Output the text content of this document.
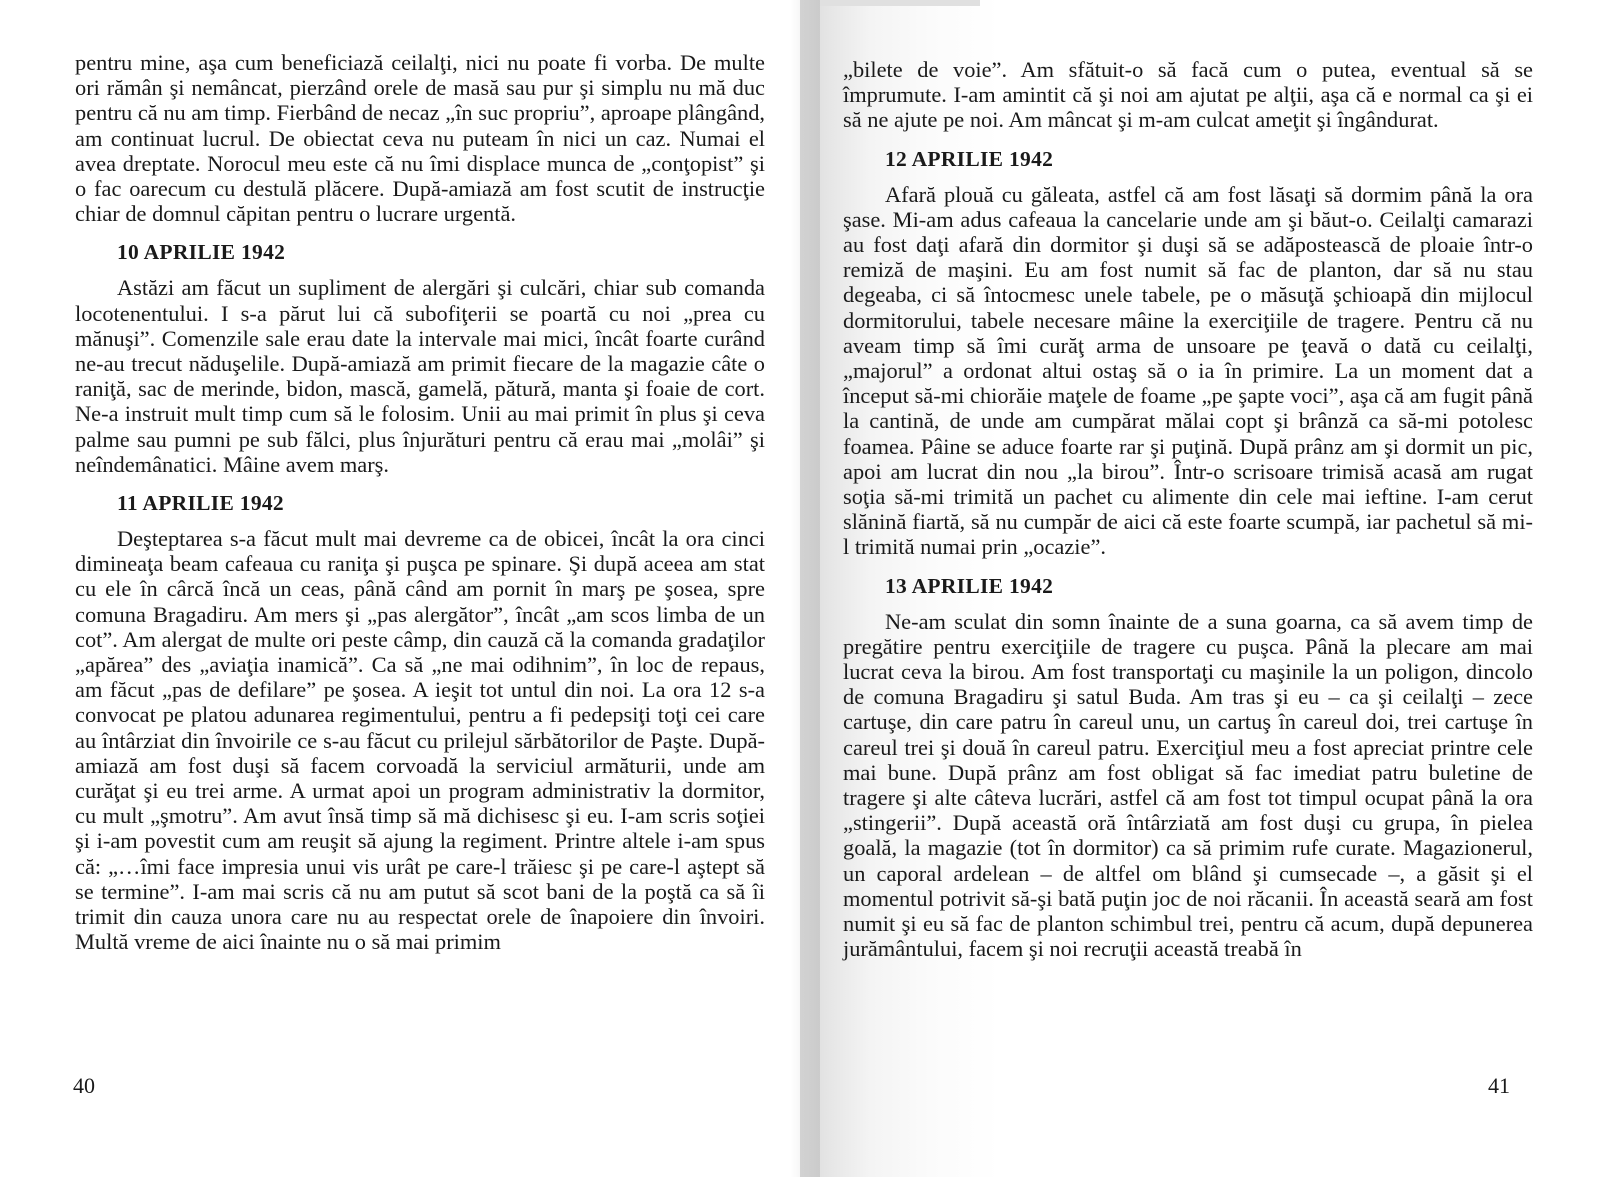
pentru mine, aşa cum beneficiază ceilalţi, nici nu poate fi vorba. De multe ori rămân şi nemâncat, pierzând orele de masă sau pur şi simplu nu mă duc pentru că nu am timp. Fierbând de necaz „în suc propriu”, aproape plângând, am continuat lucrul. De obiectat ceva nu puteam în nici un caz. Numai el avea dreptate. Norocul meu este că nu îmi displace munca de „conţopist” şi o fac oarecum cu destulă plăcere. După-amiază am fost scutit de instrucţie chiar de domnul căpitan pentru o lucrare urgentă.

10 APRILIE 1942

Astăzi am făcut un supliment de alergări şi culcări, chiar sub comanda locotenentului. I s-a părut lui că subofiţerii se poartă cu noi „prea cu mănuşi”. Comenzile sale erau date la intervale mai mici, încât foarte curând ne-au trecut năduşelile. După-amiază am primit fiecare de la magazie câte o raniţă, sac de merinde, bidon, mască, gamelă, pătură, manta şi foaie de cort. Ne-a instruit mult timp cum să le folosim. Unii au mai primit în plus şi ceva palme sau pumni pe sub fălci, plus înjurături pentru că erau mai „molâi” şi neîndemânatici. Mâine avem marş.

11 APRILIE 1942

Deşteptarea s-a făcut mult mai devreme ca de obicei, încât la ora cinci dimineaţa beam cafeaua cu raniţa şi puşca pe spinare. Şi după aceea am stat cu ele în cârcă încă un ceas, până când am pornit în marş pe şosea, spre comuna Bragadiru. Am mers şi „pas alergător”, încât „am scos limba de un cot”. Am alergat de multe ori peste câmp, din cauză că la comanda gradaţilor „apărea” des „aviaţia inamică”. Ca să „ne mai odihnim”, în loc de repaus, am făcut „pas de defilare” pe şosea. A ieşit tot untul din noi. La ora 12 s-a convocat pe platou adunarea regimentului, pentru a fi pedepsiţi toţi cei care au întârziat din învoirile ce s-au făcut cu prilejul sărbătorilor de Paşte. După-amiază am fost duşi să facem corvoadă la serviciul armăturii, unde am curăţat şi eu trei arme. A urmat apoi un program administrativ la dormitor, cu mult „şmotru”. Am avut însă timp să mă dichisesc şi eu. I-am scris soţiei şi i-am povestit cum am reuşit să ajung la regiment. Printre altele i-am spus că: „…îmi face impresia unui vis urât pe care-l trăiesc şi pe care-l aştept să se termine”. I-am mai scris că nu am putut să scot bani de la poştă ca să îi trimit din cauza unora care nu au respectat orele de înapoiere din învoiri. Multă vreme de aici înainte nu o să mai primim

„bilete de voie”. Am sfătuit-o să facă cum o putea, eventual să se împrumute. I-am amintit că şi noi am ajutat pe alţii, aşa că e normal ca şi ei să ne ajute pe noi. Am mâncat şi m-am culcat ameţit şi îngândurat.

12 APRILIE 1942

Afară plouă cu găleata, astfel că am fost lăsaţi să dormim până la ora şase. Mi-am adus cafeaua la cancelarie unde am şi băut-o. Ceilalţi camarazi au fost daţi afară din dormitor şi duşi să se adăpostească de ploaie într-o remiză de maşini. Eu am fost numit să fac de planton, dar să nu stau degeaba, ci să întocmesc unele tabele, pe o măsuţă şchioapă din mijlocul dormitorului, tabele necesare mâine la exerciţiile de tragere. Pentru că nu aveam timp să îmi curăţ arma de unsoare pe ţeavă o dată cu ceilalţi, „majorul” a ordonat altui ostaş să o ia în primire. La un moment dat a început să-mi chiorăie maţele de foame „pe şapte voci”, aşa că am fugit până la cantină, de unde am cumpărat mălai copt şi brânză ca să-mi potolesc foamea. Pâine se aduce foarte rar şi puţină. După prânz am şi dormit un pic, apoi am lucrat din nou „la birou”. Într-o scrisoare trimisă acasă am rugat soţia să-mi trimită un pachet cu alimente din cele mai ieftine. I-am cerut slănină fiartă, să nu cumpăr de aici că este foarte scumpă, iar pachetul să mi-l trimită numai prin „ocazie”.

13 APRILIE 1942

Ne-am sculat din somn înainte de a suna goarna, ca să avem timp de pregătire pentru exerciţiile de tragere cu puşca. Până la plecare am mai lucrat ceva la birou. Am fost transportaţi cu maşinile la un poligon, dincolo de comuna Bragadiru şi satul Buda. Am tras şi eu – ca şi ceilalţi – zece cartuşe, din care patru în careul unu, un cartuş în careul doi, trei cartuşe în careul trei şi două în careul patru. Exerciţiul meu a fost apreciat printre cele mai bune. După prânz am fost obligat să fac imediat patru buletine de tragere şi alte câteva lucrări, astfel că am fost tot timpul ocupat până la ora „stingerii”. După această oră întârziată am fost duşi cu grupa, în pielea goală, la magazie (tot în dormitor) ca să primim rufe curate. Magazionerul, un caporal ardelean – de altfel om blând şi cumsecade –, a găsit şi el momentul potrivit să-şi bată puţin joc de noi răcanii. În această seară am fost numit şi eu să fac de planton schimbul trei, pentru că acum, după depunerea jurământului, facem şi noi recruţii această treabă în

40	41
